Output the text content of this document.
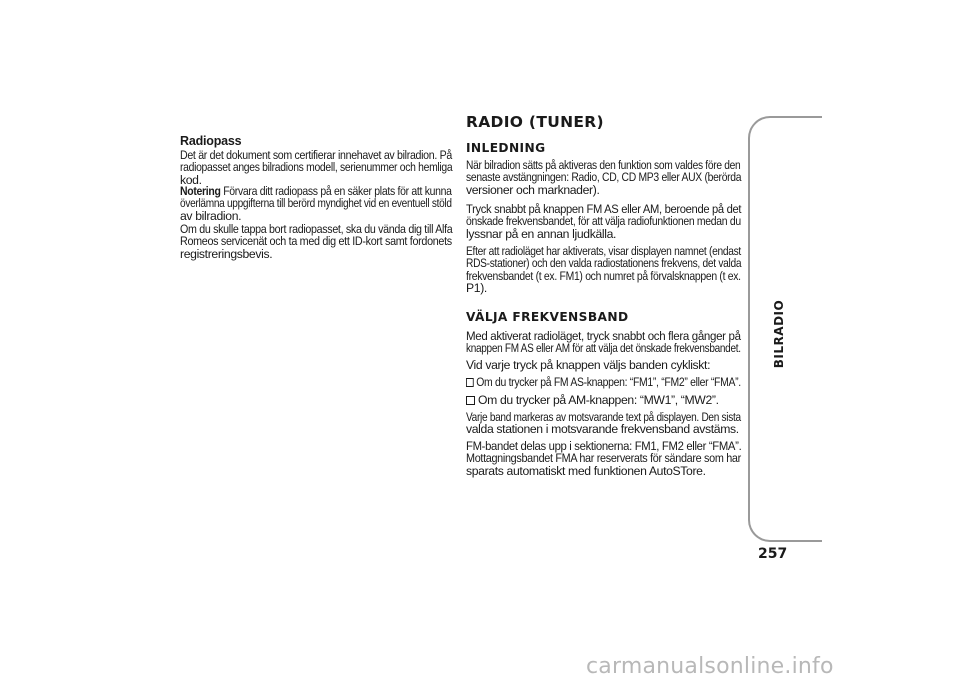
Radiopass

Det är det dokument som certifierar innehavet av bilradion. På

radiopasset anges bilradions modell, serienummer och hemliga

kod.

Notering Förvara ditt radiopass på en säker plats för att kunna

överlämna uppgifterna till berörd myndighet vid en eventuell stöld

av bilradion.

Om du skulle tappa bort radiopasset, ska du vända dig till Alfa

Romeos servicenät och ta med dig ett ID-kort samt fordonets

registreringsbevis.

RADIO (TUNER)
INLEDNING

När bilradion sätts på aktiveras den funktion som valdes före den

senaste avstängningen: Radio, CD, CD MP3 eller AUX (berörda

versioner och marknader).

Tryck snabbt på knappen FM AS eller AM, beroende på det

önskade frekvensbandet, för att välja radiofunktionen medan du

lyssnar på en annan ljudkälla.

Efter att radioläget har aktiverats, visar displayen namnet (endast

RDS-stationer) och den valda radiostationens frekvens, det valda

frekvensbandet (t ex. FM1) och numret på förvalsknappen (t ex.

P1).

VÄLJA FREKVENSBAND

Med aktiverat radioläget, tryck snabbt och flera gånger på

knappen FM AS eller AM för att välja det önskade frekvensbandet.

Vid varje tryck på knappen väljs banden cykliskt:

Om du trycker på FM AS-knappen: “FM1”, “FM2” eller “FMA”.

Om du trycker på AM-knappen: “MW1”, “MW2”.

Varje band markeras av motsvarande text på displayen. Den sista

valda stationen i motsvarande frekvensband avstäms.

FM-bandet delas upp i sektionerna: FM1, FM2 eller “FMA”.

Mottagningsbandet FMA har reserverats för sändare som har

sparats automatiskt med funktionen AutoSTore.

BILRADIO
257
carmanualsonline.info
